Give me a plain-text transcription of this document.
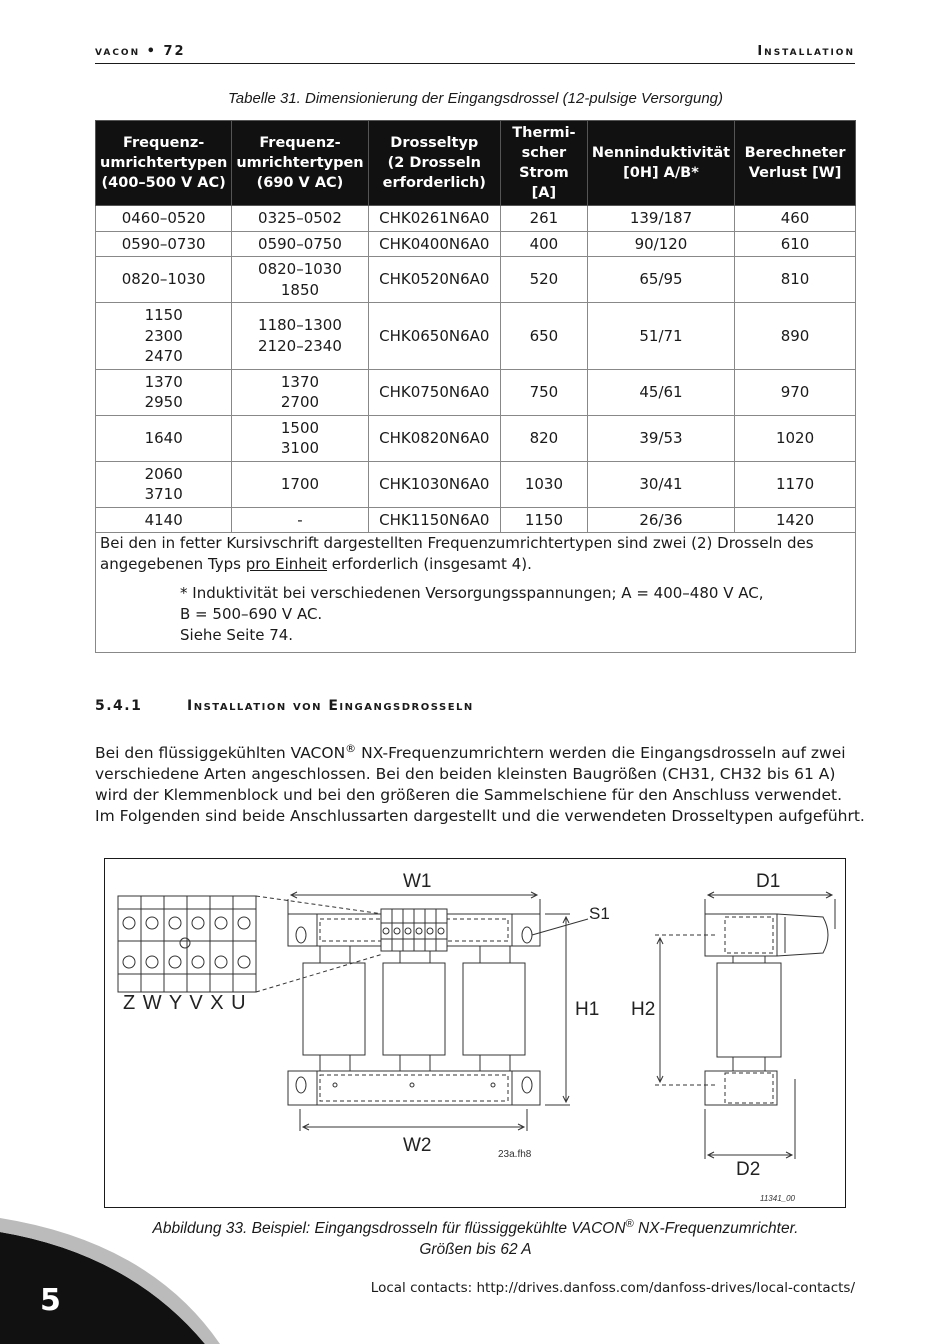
vacon • 72	Installation
Tabelle 31. Dimensionierung der Eingangsdrossel (12-pulsige Versorgung)
Frequenz-
umrichtertypen
(400–500 V AC)	Frequenz-
umrichtertypen
(690 V AC)	Drosseltyp
(2 Drosseln
erforderlich)	Thermi-
scher
Strom [A]	Nenninduktivität
[0H] A/B*	Berechneter
Verlust [W]
0460–0520	0325–0502	CHK0261N6A0	261	139/187	460
0590–0730	0590–0750	CHK0400N6A0	400	90/120	610
0820–1030	0820–1030
1850	CHK0520N6A0	520	65/95	810
1150
2300
2470	1180–1300
2120–2340	CHK0650N6A0	650	51/71	890
1370
2950	1370
2700	CHK0750N6A0	750	45/61	970
1640	1500
3100	CHK0820N6A0	820	39/53	1020
2060
3710	1700	CHK1030N6A0	1030	30/41	1170
4140	-	CHK1150N6A0	1150	26/36	1420

Bei den in fetter Kursivschrift dargestellten Frequenzumrichtertypen sind zwei (2) Drosseln des angegebenen Typs pro Einheit erforderlich (insgesamt 4).
* Induktivität bei verschiedenen Versorgungsspannungen; A = 400–480 V AC,
B = 500–690 V AC.
Siehe Seite 74.					
5.4.1	Installation von Eingangsdrosseln
Bei den flüssiggekühlten VACON® NX-Frequenzumrichtern werden die Eingangsdrosseln auf zwei verschiedene Arten angeschlossen. Bei den beiden kleinsten Baugrößen (CH31, CH32 bis 61 A) wird der Klemmenblock und bei den größeren die Sammelschiene für den Anschluss verwendet. Im Folgenden sind beide Anschlussarten dargestellt und die verwendeten Drosseltypen aufgeführt.
Z W Y V X U
W1
W2
H1
S1
23a.fh8
D1
D2
H2
11341_00
Abbildung 33. Beispiel: Eingangsdrosseln für flüssiggekühlte VACON® NX-Frequenzumrichter.
Größen bis 62 A
Local contacts: http://drives.danfoss.com/danfoss-drives/local-contacts/
5
